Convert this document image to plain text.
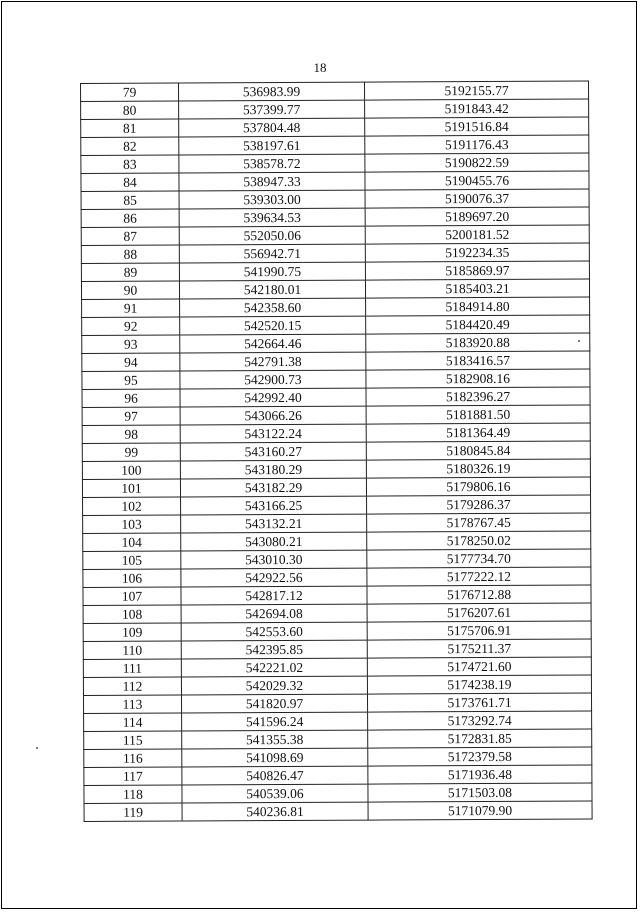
18
79	536983.99	5192155.77
80	537399.77	5191843.42
81	537804.48	5191516.84
82	538197.61	5191176.43
83	538578.72	5190822.59
84	538947.33	5190455.76
85	539303.00	5190076.37
86	539634.53	5189697.20
87	552050.06	5200181.52
88	556942.71	5192234.35
89	541990.75	5185869.97
90	542180.01	5185403.21
91	542358.60	5184914.80
92	542520.15	5184420.49
93	542664.46	5183920.88
94	542791.38	5183416.57
95	542900.73	5182908.16
96	542992.40	5182396.27
97	543066.26	5181881.50
98	543122.24	5181364.49
99	543160.27	5180845.84
100	543180.29	5180326.19
101	543182.29	5179806.16
102	543166.25	5179286.37
103	543132.21	5178767.45
104	543080.21	5178250.02
105	543010.30	5177734.70
106	542922.56	5177222.12
107	542817.12	5176712.88
108	542694.08	5176207.61
109	542553.60	5175706.91
110	542395.85	5175211.37
111	542221.02	5174721.60
112	542029.32	5174238.19
113	541820.97	5173761.71
114	541596.24	5173292.74
115	541355.38	5172831.85
116	541098.69	5172379.58
117	540826.47	5171936.48
118	540539.06	5171503.08
119	540236.81	5171079.90
